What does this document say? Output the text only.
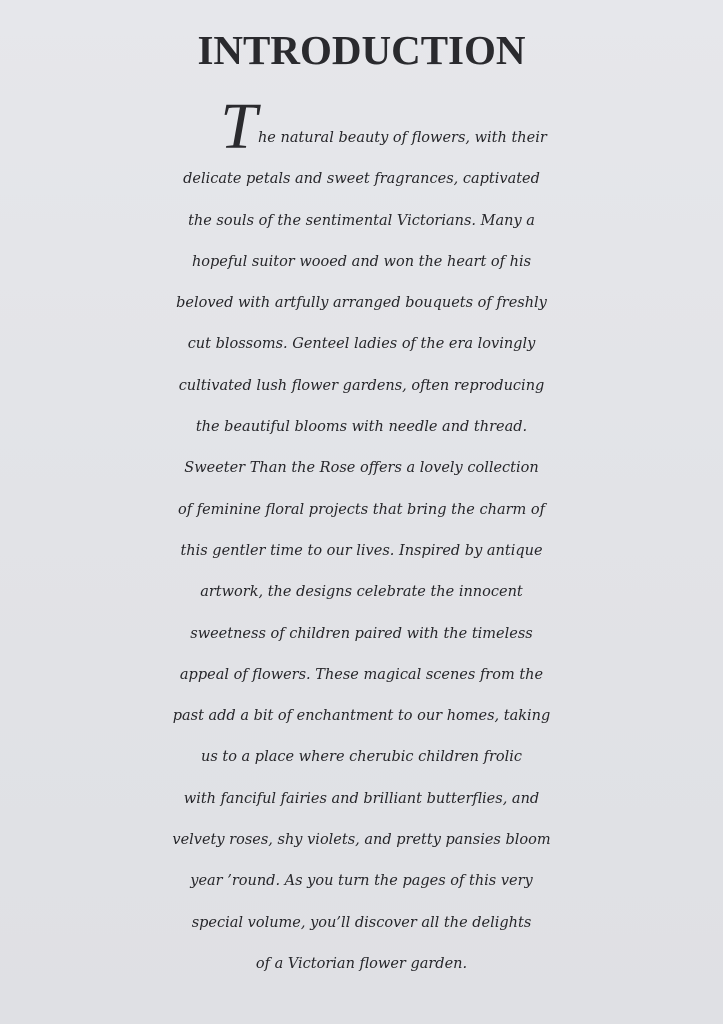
INTRODUCTION
The natural beauty of flowers, with their
delicate petals and sweet fragrances, captivated
the souls of the sentimental Victorians. Many a
hopeful suitor wooed and won the heart of his
beloved with artfully arranged bouquets of freshly
cut blossoms. Genteel ladies of the era lovingly
cultivated lush flower gardens, often reproducing
the beautiful blooms with needle and thread.
Sweeter Than the Rose offers a lovely collection
of feminine floral projects that bring the charm of
this gentler time to our lives. Inspired by antique
artwork, the designs celebrate the innocent
sweetness of children paired with the timeless
appeal of flowers. These magical scenes from the
past add a bit of enchantment to our homes, taking
us to a place where cherubic children frolic
with fanciful fairies and brilliant butterflies, and
velvety roses, shy violets, and pretty pansies bloom
year ’round. As you turn the pages of this very
special volume, you’ll discover all the delights
of a Victorian flower garden.
